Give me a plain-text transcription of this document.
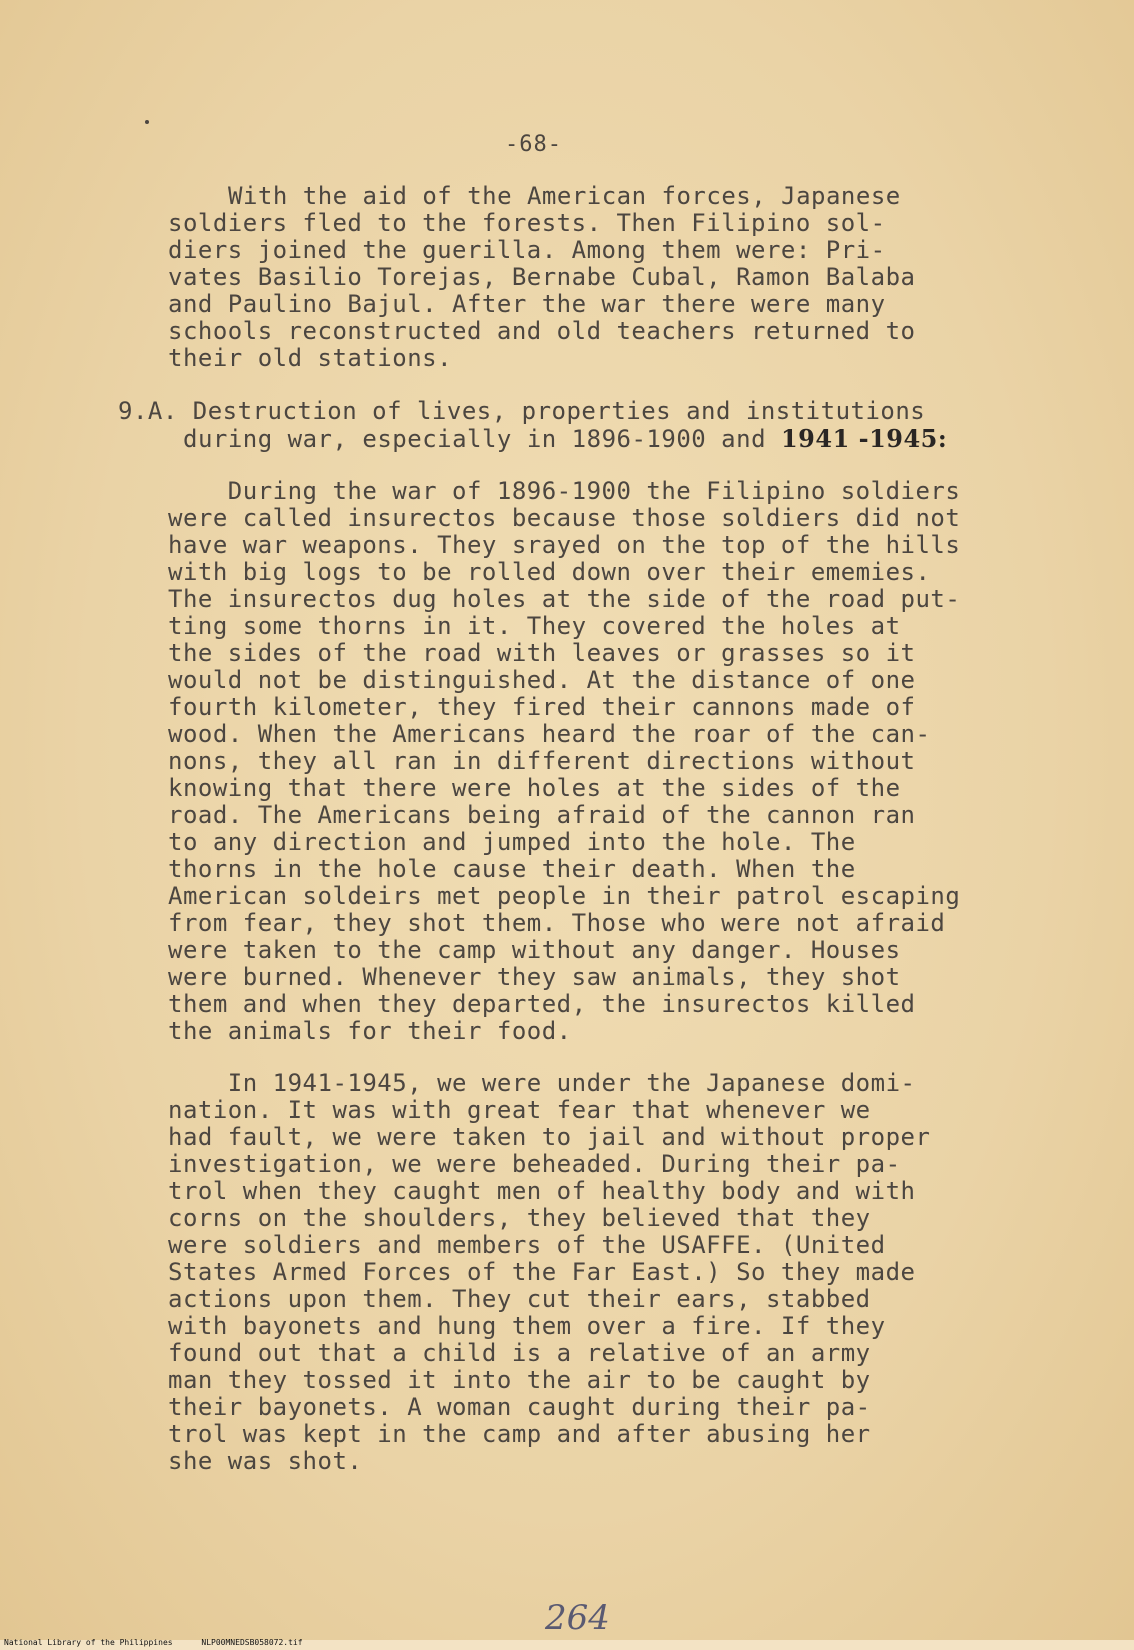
-68-

With the aid of the American forces, Japanese

soldiers fled to the forests. Then Filipino sol-

diers joined the guerilla. Among them were: Pri-

vates Basilio Torejas, Bernabe Cubal, Ramon Balaba

and Paulino Bajul. After the war there were many

schools reconstructed and old teachers returned to

their old stations.

9.A. Destruction of lives, properties and institutions

during war, especially in 1896-1900 and 1941 -1945:

During the war of 1896-1900 the Filipino soldiers

were called insurectos because those soldiers did not

have war weapons. They srayed on the top of the hills

with big logs to be rolled down over their ememies.

The insurectos dug holes at the side of the road put-

ting some thorns in it. They covered the holes at

the sides of the road with leaves or grasses so it

would not be distinguished. At the distance of one

fourth kilometer, they fired their cannons made of

wood. When the Americans heard the roar of the can-

nons, they all ran in different directions without

knowing that there were holes at the sides of the

road. The Americans being afraid of the cannon ran

to any direction and jumped into the hole. The

thorns in the hole cause their death. When the

American soldeirs met people in their patrol escaping

from fear, they shot them. Those who were not afraid

were taken to the camp without any danger. Houses

were burned. Whenever they saw animals, they shot

them and when they departed, the insurectos killed

the animals for their food.

In 1941-1945, we were under the Japanese domi-

nation. It was with great fear that whenever we

had fault, we were taken to jail and without proper

investigation, we were beheaded. During their pa-

trol when they caught men of healthy body and with

corns on the shoulders, they believed that they

were soldiers and members of the USAFFE. (United

States Armed Forces of the Far East.) So they made

actions upon them. They cut their ears, stabbed

with bayonets and hung them over a fire. If they

found out that a child is a relative of an army

man they tossed it into the air to be caught by

their bayonets. A woman caught during their pa-

trol was kept in the camp and after abusing her

she was shot.

264
National Library of the Philippines	NLP00MNEDSB058072.tif
